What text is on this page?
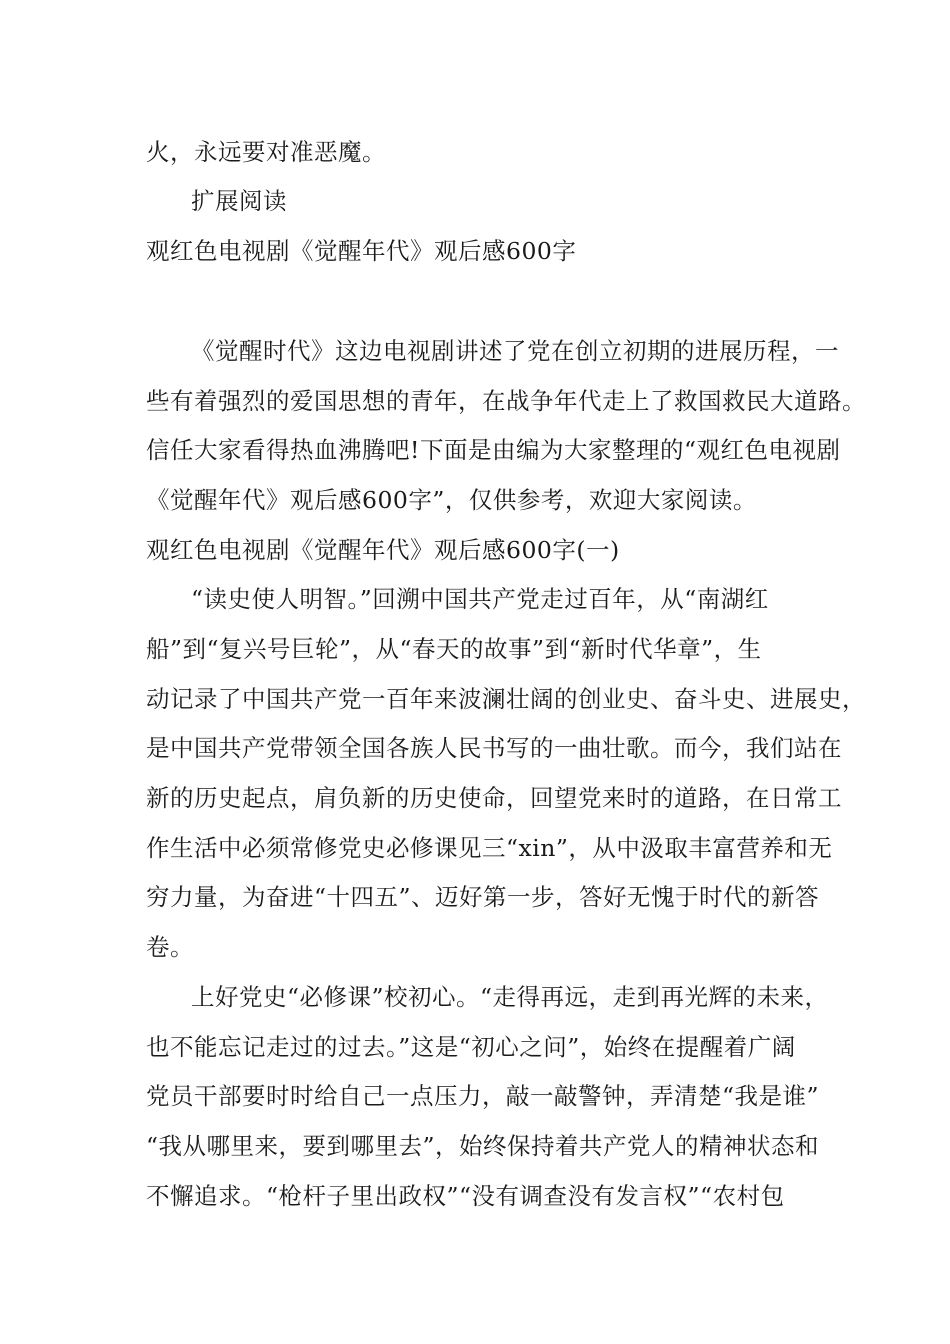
火，永远要对准恶魔。
扩展阅读
观红色电视剧《觉醒年代》观后感600字
《觉醒时代》这边电视剧讲述了党在创立初期的进展历程，一
些有着强烈的爱国思想的青年，在战争年代走上了救国救民大道路。
信任大家看得热血沸腾吧!下面是由编为大家整理的“观红色电视剧
《觉醒年代》观后感600字”，仅供参考，欢迎大家阅读。
观红色电视剧《觉醒年代》观后感600字(一)
“读史使人明智。”回溯中国共产党走过百年，从“南湖红
船”到“复兴号巨轮”，从“春天的故事”到“新时代华章”，生
动记录了中国共产党一百年来波澜壮阔的创业史、奋斗史、进展史，
是中国共产党带领全国各族人民书写的一曲壮歌。而今，我们站在
新的历史起点，肩负新的历史使命，回望党来时的道路，在日常工
作生活中必须常修党史必修课见三“xin”，从中汲取丰富营养和无
穷力量，为奋进“十四五”、迈好第一步，答好无愧于时代的新答
卷。
上好党史“必修课”校初心。“走得再远，走到再光辉的未来，
也不能忘记走过的过去。”这是“初心之问”，始终在提醒着广阔
党员干部要时时给自己一点压力，敲一敲警钟，弄清楚“我是谁”
“我从哪里来，要到哪里去”，始终保持着共产党人的精神状态和
不懈追求。“枪杆子里出政权”“没有调查没有发言权”“农村包
